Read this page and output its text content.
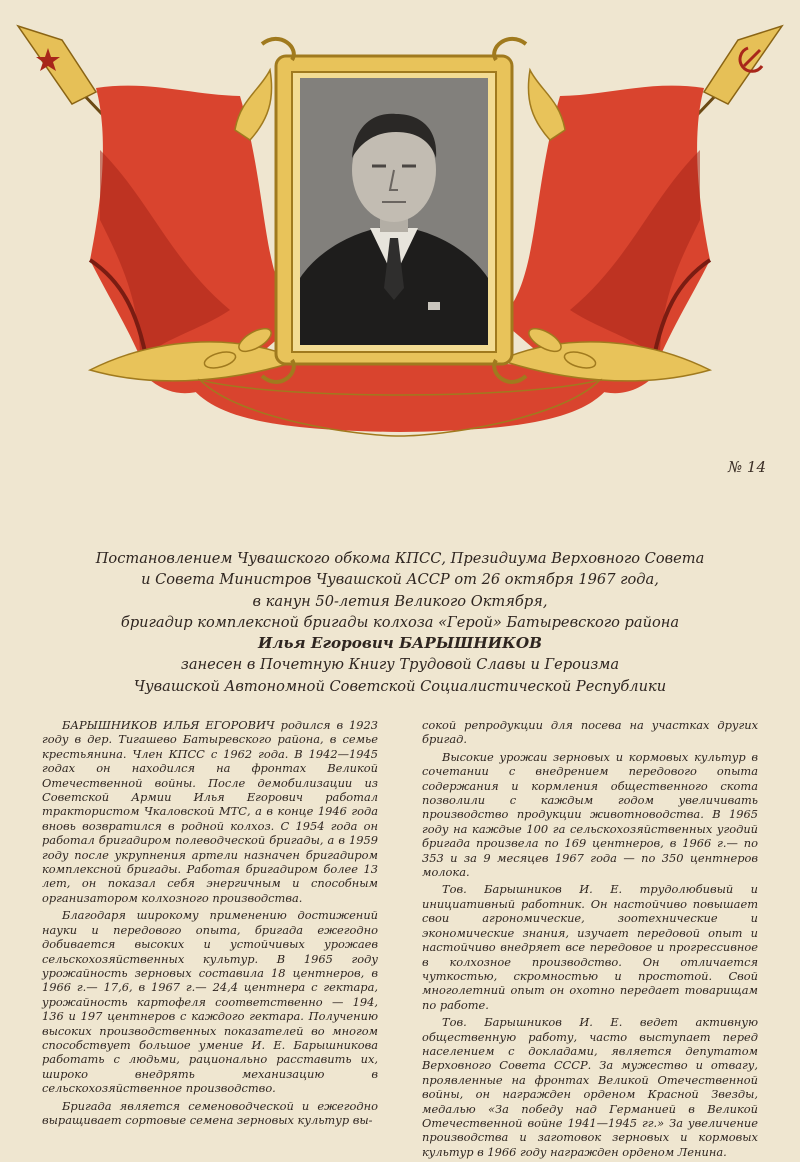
№ 14
Постановлением Чувашского обкома КПСС, Президиума Верховного Совета
и Совета Министров Чувашской АССР от 26 октября 1967 года,
в канун 50-летия Великого Октября,
бригадир комплексной бригады колхоза «Герой» Батыревского района
Илья Егорович БАРЫШНИКОВ
занесен в Почетную Книгу Трудовой Славы и Героизма
Чувашской Автономной Советской Социалистической Республики

БАРЫШНИКОВ ИЛЬЯ ЕГОРОВИЧ родился в 1923 году в дер. Тигашево Батыревского района, в семье крестьянина. Член КПСС с 1962 года. В 1942—1945 годах он находился на фронтах Великой Отечественной войны. После демобилизации из Советской Армии Илья Егорович работал трактористом Чкаловской МТС, а в конце 1946 года вновь возвратился в родной колхоз. С 1954 года он работал бригадиром полеводческой бригады, а в 1959 году после укрупнения артели назначен бригадиром комплексной бригады. Работая бригадиром более 13 лет, он показал себя энергичным и способным организатором колхозного производства.

Благодаря широкому применению достижений науки и передового опыта, бригада ежегодно добивается высоких и устойчивых урожаев сельскохозяйственных культур. В 1965 году урожайность зерновых составила 18 центнеров, в 1966 г.— 17,6, в 1967 г.— 24,4 центнера с гектара, урожайность картофеля соответственно — 194, 136 и 197 центнеров с каждого гектара. Получению высоких производственных показателей во многом способствует большое умение И. Е. Барышникова работать с людьми, рационально расставить их, широко внедрять механизацию в сельскохозяйственное производство.

Бригада является семеноводческой и ежегодно выращивает сортовые семена зерновых культур вы-

сокой репродукции для посева на участках других бригад.

Высокие урожаи зерновых и кормовых культур в сочетании с внедрением передового опыта содержания и кормления общественного скота позволили с каждым годом увеличивать производство продукции животноводства. В 1965 году на каждые 100 га сельскохозяйственных угодий бригада произвела по 169 центнеров, в 1966 г.— по 353 и за 9 месяцев 1967 года — по 350 центнеров молока.

Тов. Барышников И. Е. трудолюбивый и инициативный работник. Он настойчиво повышает свои агрономические, зоотехнические и экономические знания, изучает передовой опыт и настойчиво внедряет все передовое и прогрессивное в колхозное производство. Он отличается чуткостью, скромностью и простотой. Свой многолетний опыт он охотно передает товарищам по работе.

Тов. Барышников И. Е. ведет активную общественную работу, часто выступает перед населением с докладами, является депутатом Верховного Совета СССР. За мужество и отвагу, проявленные на фронтах Великой Отечественной войны, он награжден орденом Красной Звезды, медалью «За победу над Германией в Великой Отечественной войне 1941—1945 гг.» За увеличение производства и заготовок зерновых и кормовых культур в 1966 году награжден орденом Ленина.
